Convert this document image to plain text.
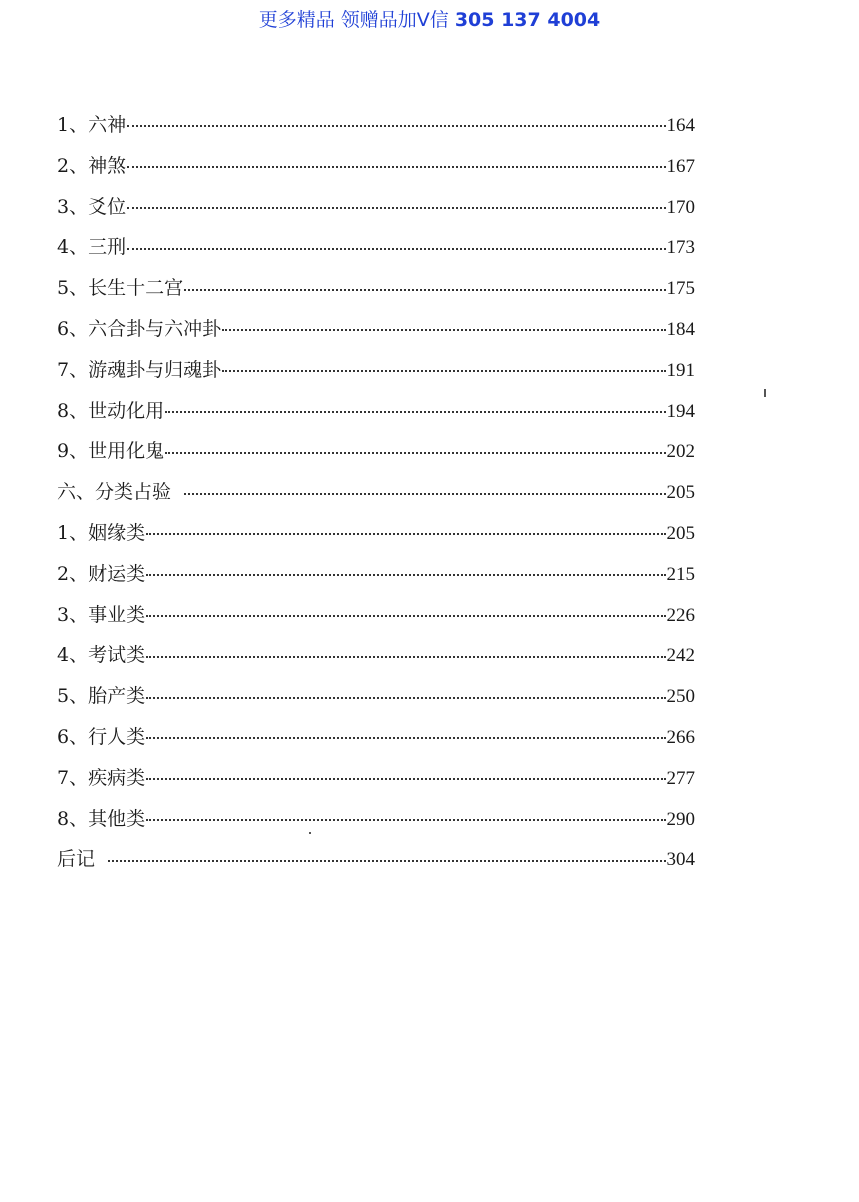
更多精品 领赠品加V信 305 137 4004
1、 六神	164
2、 神煞	167
3、 爻位	170
4、 三刑	173
5、 长生十二宫	175
6、 六合卦与六冲卦	184
7、 游魂卦与归魂卦	191
8、 世动化用	194
9、 世用化鬼	202
六、 分类占验	205
1、 姻缘类	205
2、 财运类	215
3、 事业类	226
4、 考试类	242
5、 胎产类	250
6、 行人类	266
7、 疾病类	277
8、 其他类	290
后记	304
